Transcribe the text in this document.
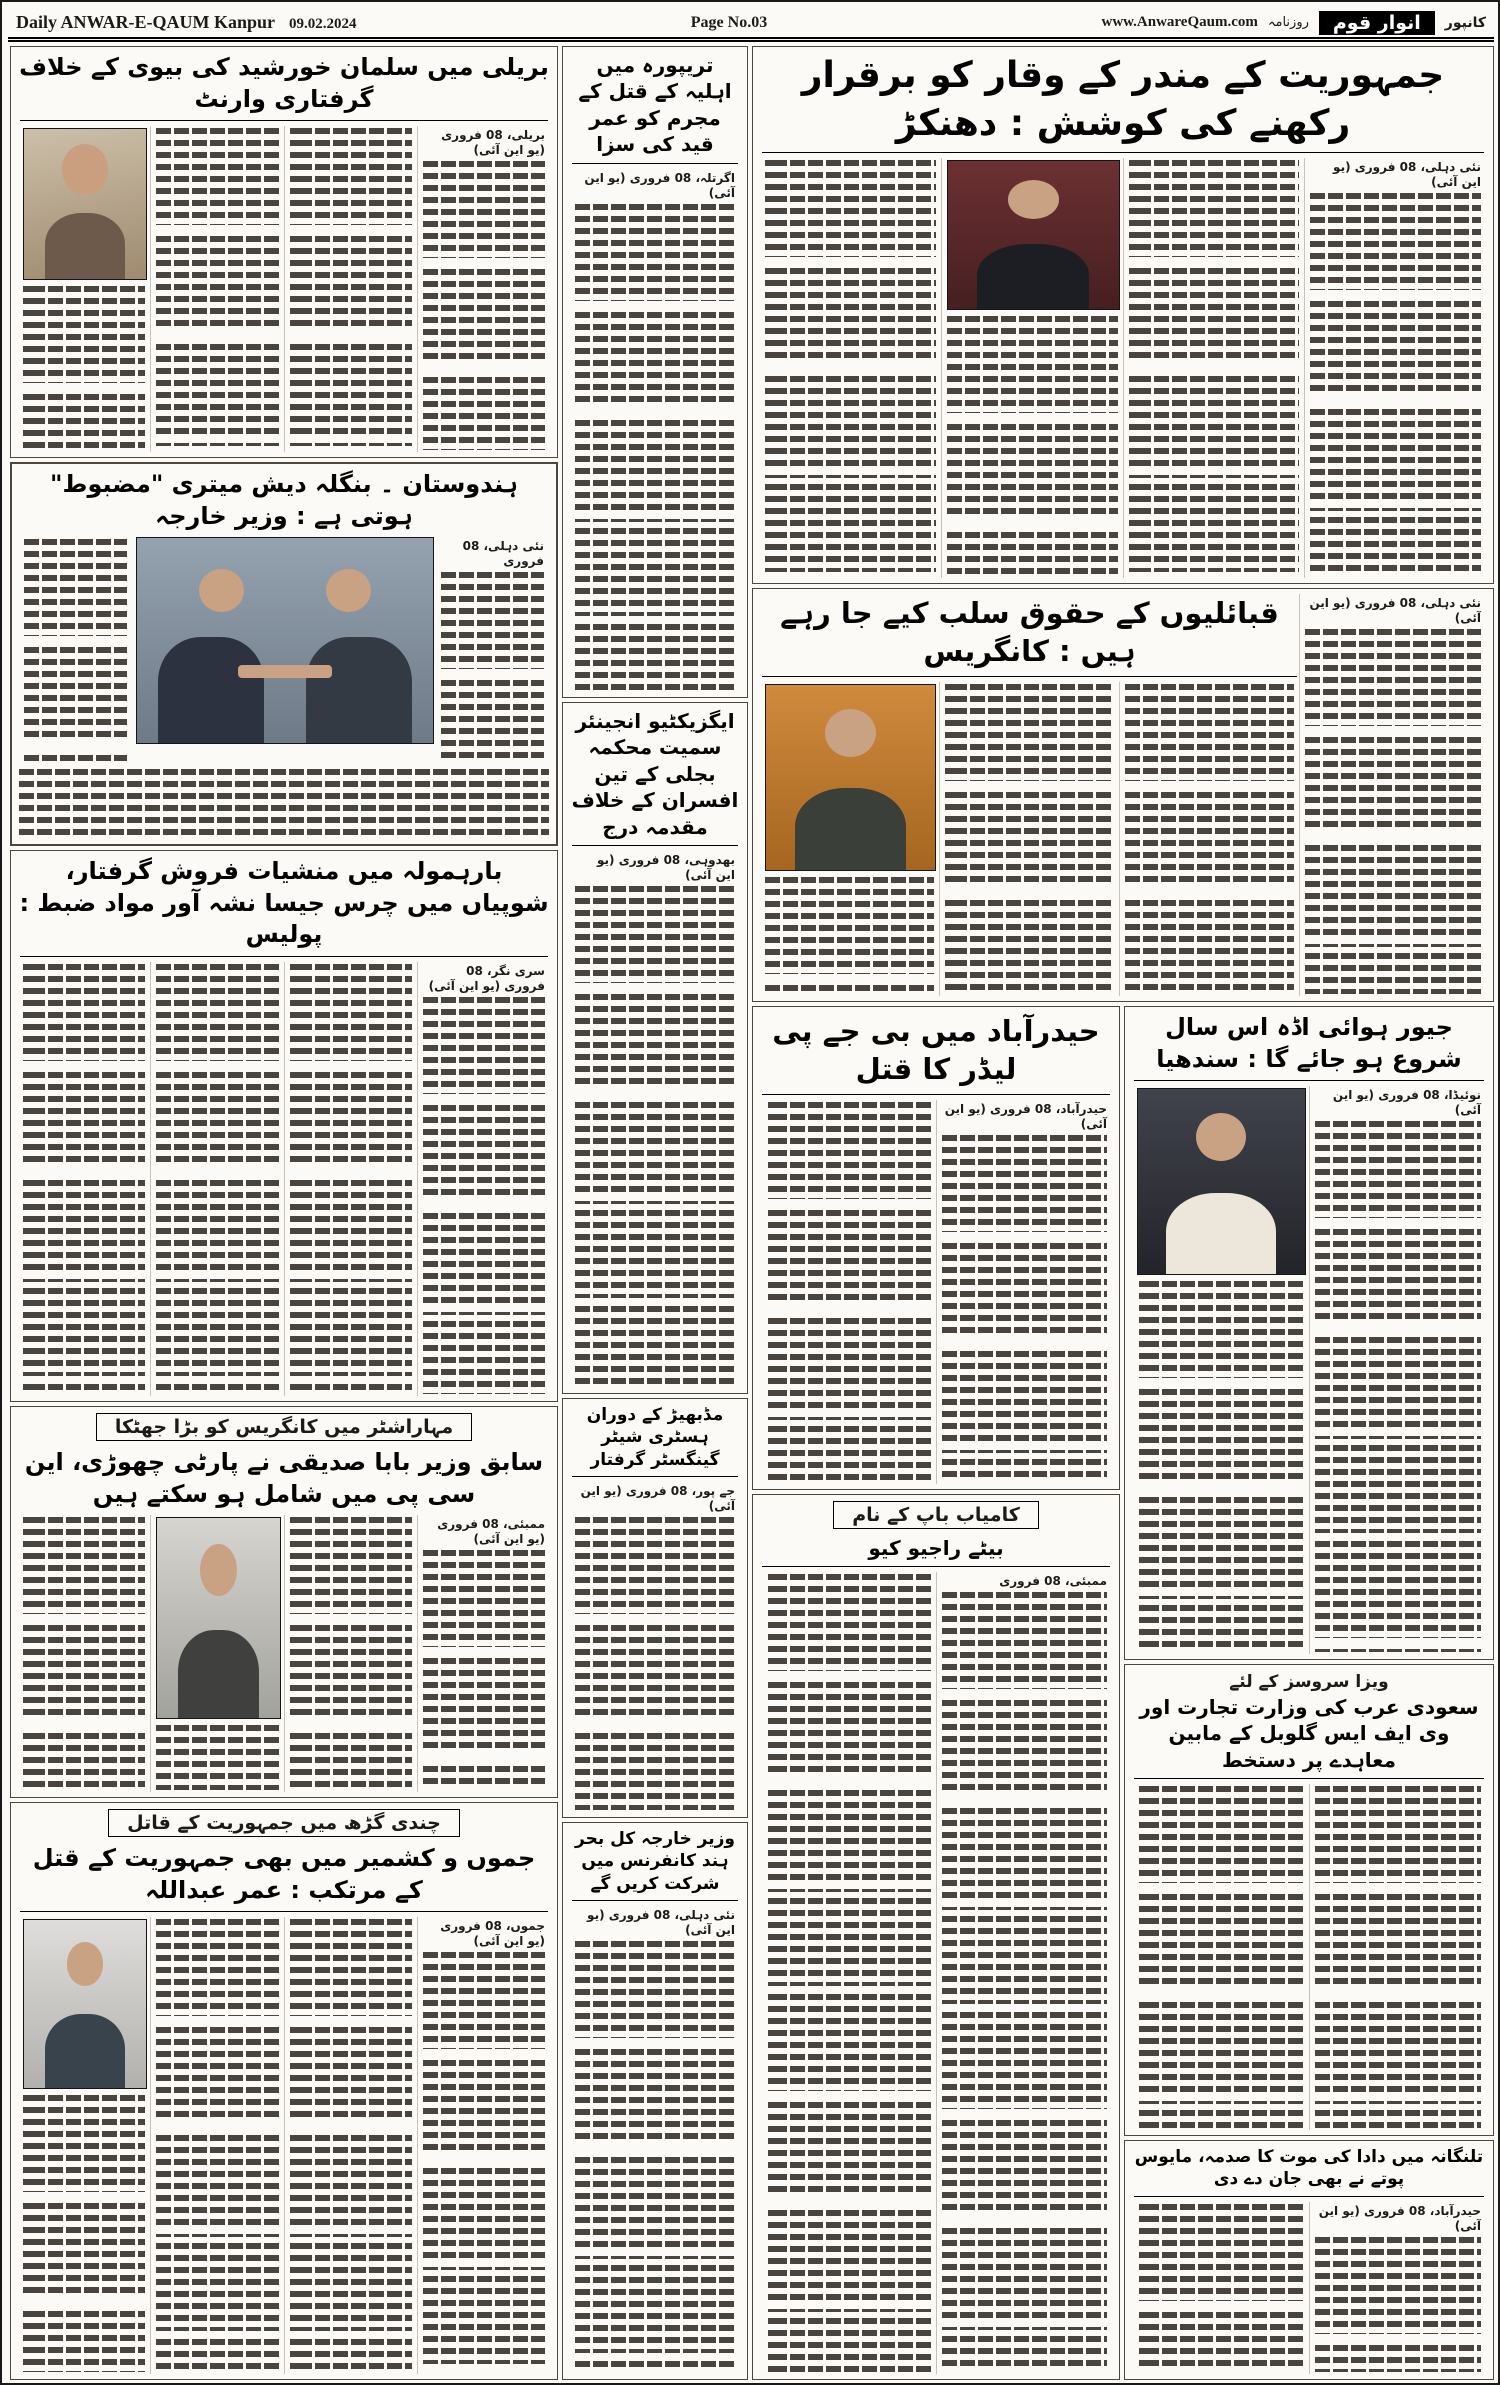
Daily ANWAR-E-QAUM Kanpur 09.02.2024	Page No.03	کانپور
انوار قوم
روزنامہ
www.AnwareQaum.com
بریلی میں سلمان خورشید کی بیوی کے خلاف گرفتاری وارنٹ
بریلی، 08 فروری (یو این آئی)
ہندوستان ۔ بنگلہ دیش میتری "مضبوط" ہوتی ہے : وزیر خارجہ
نئی دہلی، 08 فروری
بارہمولہ میں منشیات فروش گرفتار، شوپیاں میں چرس جیسا نشہ آور مواد ضبط : پولیس
سری نگر، 08 فروری (یو این آئی)
مہاراشٹر میں کانگریس کو بڑا جھٹکا
سابق وزیر بابا صدیقی نے پارٹی چھوڑی، این سی پی میں شامل ہو سکتے ہیں
ممبئی، 08 فروری (یو این آئی)
چندی گڑھ میں جمہوریت کے قاتل
جموں و کشمیر میں بھی جمہوریت کے قتل کے مرتکب : عمر عبداللہ
جموں، 08 فروری (یو این آئی)
تریپورہ میں اہلیہ کے قتل کے مجرم کو عمر قید کی سزا
اگرتلہ، 08 فروری (یو این آئی)
ایگزیکٹیو انجینئر سمیت محکمہ بجلی کے تین افسران کے خلاف مقدمہ درج
بھدوہی، 08 فروری (یو این آئی)
مڈبھیڑ کے دوران ہسٹری شیٹر گینگسٹر گرفتار
جے پور، 08 فروری (یو این آئی)
وزیر خارجہ کل بحر ہند کانفرنس میں شرکت کریں گے
نئی دہلی، 08 فروری (یو این آئی)
جمہوریت کے مندر کے وقار کو برقرار رکھنے کی کوشش : دھنکڑ
نئی دہلی، 08 فروری (یو این آئی)
نئی دہلی، 08 فروری (یو این آئی)
قبائلیوں کے حقوق سلب کیے جا رہے ہیں : کانگریس
حیدرآباد میں بی جے پی لیڈر کا قتل
حیدرآباد، 08 فروری (یو این آئی)
کامیاب باپ کے نام
بیٹے راجیو کیو
ممبئی، 08 فروری
جیور ہوائی اڈہ اس سال شروع ہو جائے گا : سندھیا
نوئیڈا، 08 فروری (یو این آئی)
ویزا سروسز کے لئے
سعودی عرب کی وزارت تجارت اور وی ایف ایس گلوبل کے مابین معاہدے پر دستخط
تلنگانہ میں دادا کی موت کا صدمہ، مایوس پوتے نے بھی جان دے دی
حیدرآباد، 08 فروری (یو این آئی)
